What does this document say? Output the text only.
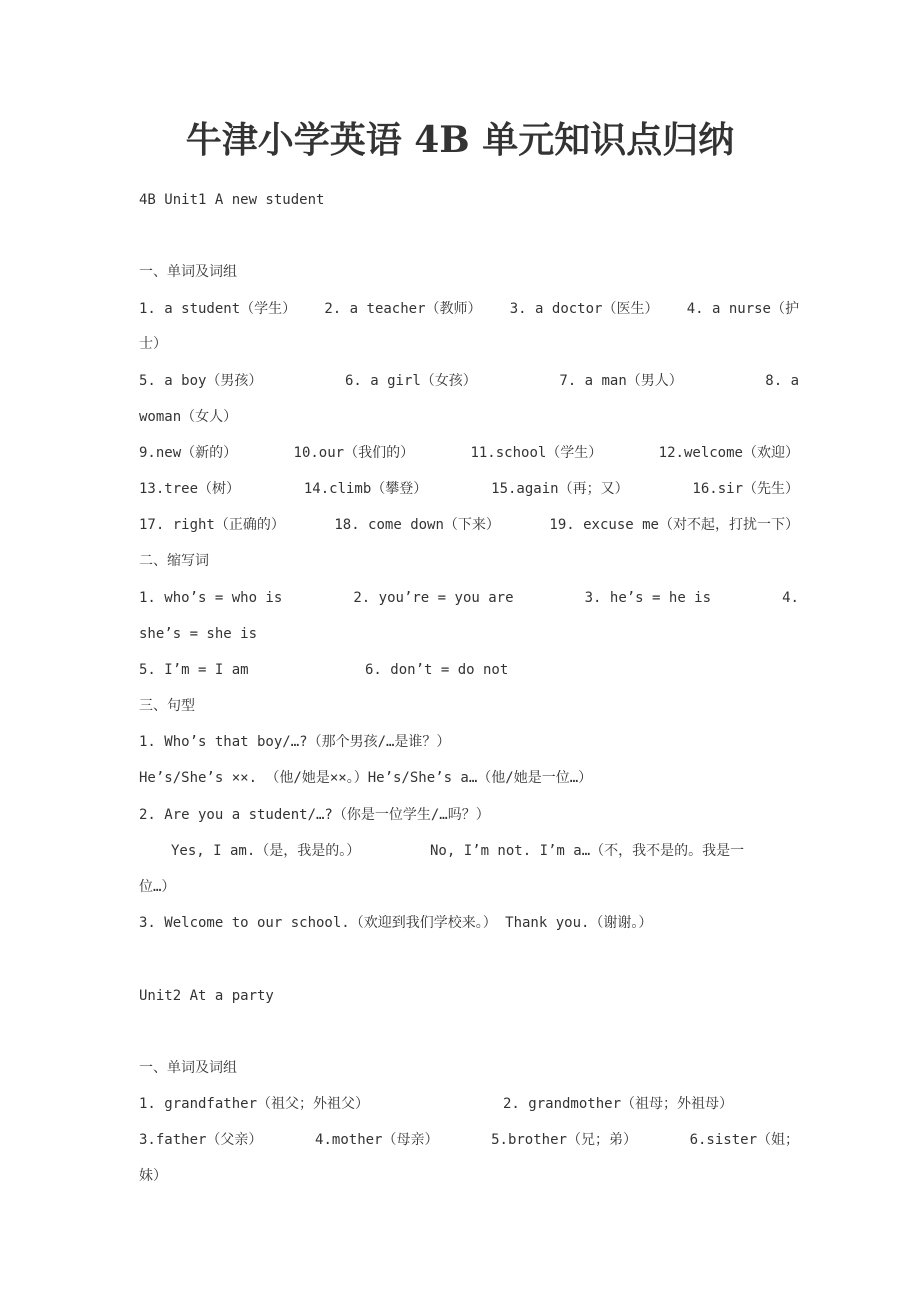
牛津小学英语 4B 单元知识点归纳
4B Unit1 A new student
一、单词及词组
1. a student（学生） 2. a teacher（教师） 3. a doctor（医生） 4. a nurse（护
士）
5. a boy（男孩）	6. a girl（女孩）	7. a man（男人）	8. a
woman（女人）
9.new（新的）	10.our（我们的）	11.school（学生）	12.welcome（欢迎）
13.tree（树）	14.climb（攀登）	15.again（再；又）	16.sir（先生）
17. right（正确的）	18. come down（下来）	19. excuse me（对不起，打扰一下）
二、缩写词
1. who’s = who is	2. you’re = you are	3. he’s = he is	4.
she’s = she is
5. I’m = I am	6. don’t = do not
三、句型
1. Who’s that boy/…?（那个男孩/…是谁？）
He’s/She’s ××. （他/她是××。）He’s/She’s a…（他/她是一位…）
2. Are you a student/…?（你是一位学生/…吗？）
Yes, I am.（是，我是的。）	No, I’m not. I’m a…（不，我不是的。我是一
位…）
3. Welcome to our school.（欢迎到我们学校来。） Thank you.（谢谢。）
Unit2 At a party
一、单词及词组
1. grandfather（祖父；外祖父）	2. grandmother（祖母；外祖母）
3.father（父亲）	4.mother（母亲）	5.brother（兄；弟）	6.sister（姐；
妹）
